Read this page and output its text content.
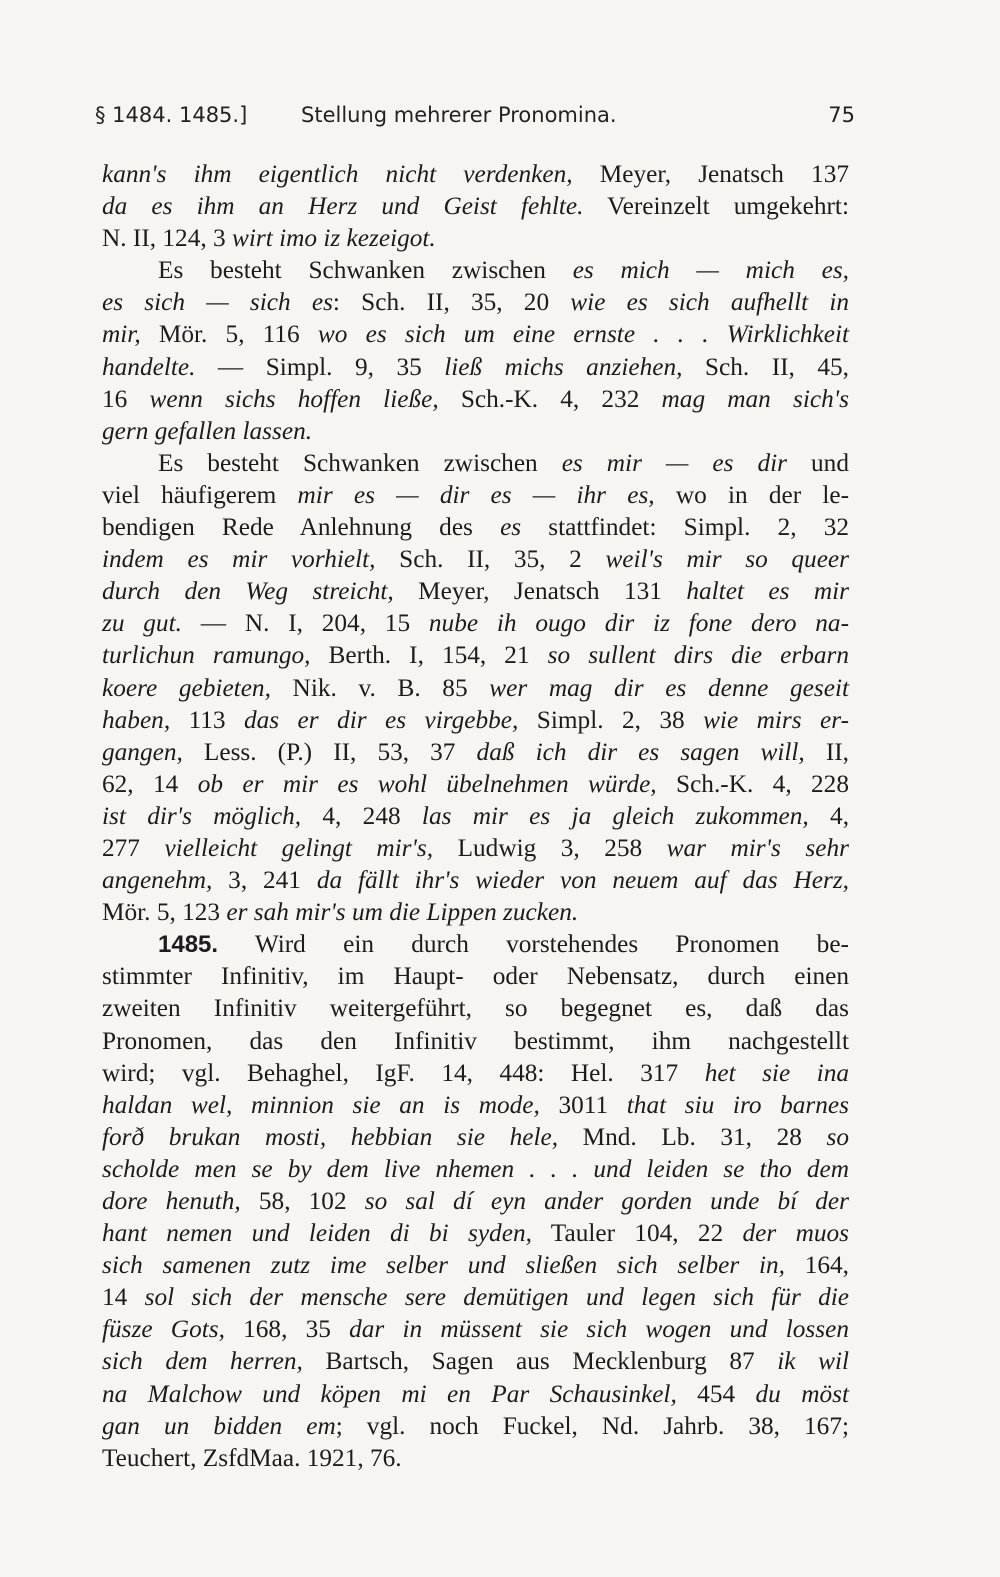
§ 1484. 1485.]	Stellung mehrerer Pronomina.	75
kann's ihm eigentlich nicht verdenken, Meyer, Jenatsch 137
da es ihm an Herz und Geist fehlte. Vereinzelt umgekehrt:
N. II, 124, 3 wirt imo iz kezeigot.
Es besteht Schwanken zwischen es mich — mich es,
es sich — sich es: Sch. II, 35, 20 wie es sich aufhellt in
mir, Mör. 5, 116 wo es sich um eine ernste . . . Wirklichkeit
handelte. — Simpl. 9, 35 ließ michs anziehen, Sch. II, 45,
16 wenn sichs hoffen ließe, Sch.-K. 4, 232 mag man sich's
gern gefallen lassen.
Es besteht Schwanken zwischen es mir — es dir und
viel häufigerem mir es — dir es — ihr es, wo in der le-
bendigen Rede Anlehnung des es stattfindet: Simpl. 2, 32
indem es mir vorhielt, Sch. II, 35, 2 weil's mir so queer
durch den Weg streicht, Meyer, Jenatsch 131 haltet es mir
zu gut. — N. I, 204, 15 nube ih ougo dir iz fone dero na-
turlichun ramungo, Berth. I, 154, 21 so sullent dirs die erbarn
koere gebieten, Nik. v. B. 85 wer mag dir es denne geseit
haben, 113 das er dir es virgebbe, Simpl. 2, 38 wie mirs er-
gangen, Less. (P.) II, 53, 37 daß ich dir es sagen will, II,
62, 14 ob er mir es wohl übelnehmen würde, Sch.-K. 4, 228
ist dir's möglich, 4, 248 las mir es ja gleich zukommen, 4,
277 vielleicht gelingt mir's, Ludwig 3, 258 war mir's sehr
angenehm, 3, 241 da fällt ihr's wieder von neuem auf das Herz,
Mör. 5, 123 er sah mir's um die Lippen zucken.
1485. Wird ein durch vorstehendes Pronomen be-
stimmter Infinitiv, im Haupt- oder Nebensatz, durch einen
zweiten Infinitiv weitergeführt, so begegnet es, daß das
Pronomen, das den Infinitiv bestimmt, ihm nachgestellt
wird; vgl. Behaghel, IgF. 14, 448: Hel. 317 het sie ina
haldan wel, minnion sie an is mode, 3011 that siu iro barnes
forð brukan mosti, hebbian sie hele, Mnd. Lb. 31, 28 so
scholde men se by dem live nhemen . . . und leiden se tho dem
dore henuth, 58, 102 so sal dí eyn ander gorden unde bí der
hant nemen und leiden di bi syden, Tauler 104, 22 der muos
sich samenen zutz ime selber und sließen sich selber in, 164,
14 sol sich der mensche sere demütigen und legen sich für die
füsze Gots, 168, 35 dar in müssent sie sich wogen und lossen
sich dem herren, Bartsch, Sagen aus Mecklenburg 87 ik wil
na Malchow und köpen mi en Par Schausinkel, 454 du möst
gan un bidden em; vgl. noch Fuckel, Nd. Jahrb. 38, 167;
Teuchert, ZsfdMaa. 1921, 76.
